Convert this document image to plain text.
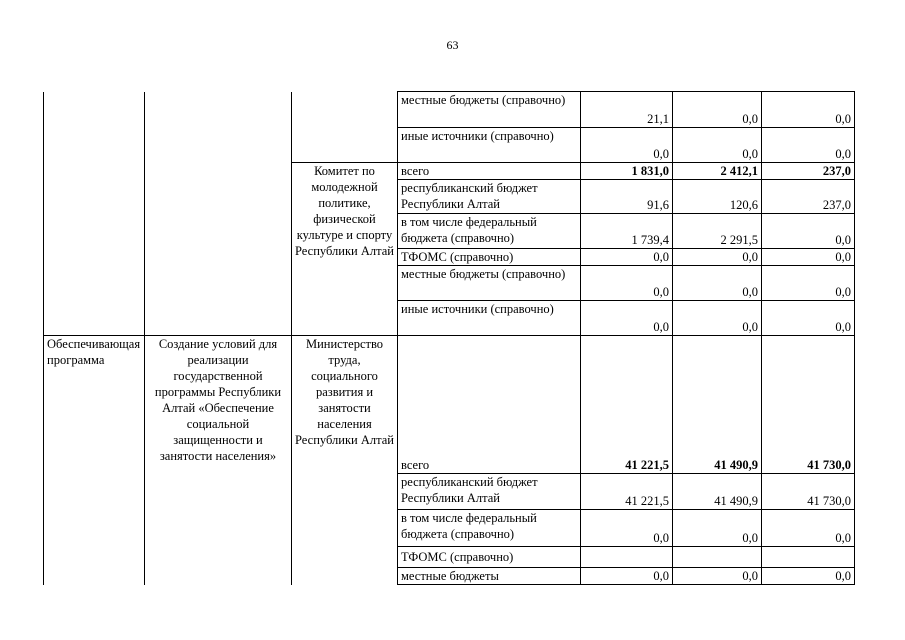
63
			местные бюджеты (справочно)	21,1	0,0	0,0
			иные источники (справочно)	0,0	0,0	0,0
		Комитет по молодежной политике, физической культуре и спорту Республики Алтай	всего	1 831,0	2 412,1	237,0
			республиканский бюджет Республики Алтай	91,6	120,6	237,0
			в том числе федеральный бюджета (справочно)	1 739,4	2 291,5	0,0
			ТФОМС (справочно)	0,0	0,0	0,0
			местные бюджеты (справочно)	0,0	0,0	0,0
			иные источники (справочно)	0,0	0,0	0,0
Обеспечивающая программа	Создание условий для реализации государственной программы Республики Алтай «Обеспечение социальной защищенности и занятости населения»	Министерство труда, социального развития и занятости населения Республики Алтай	всего	41 221,5	41 490,9	41 730,0
			республиканский бюджет Республики Алтай	41 221,5	41 490,9	41 730,0
			в том числе федеральный бюджета (справочно)	0,0	0,0	0,0
			ТФОМС (справочно)			
			местные бюджеты	0,0	0,0	0,0
